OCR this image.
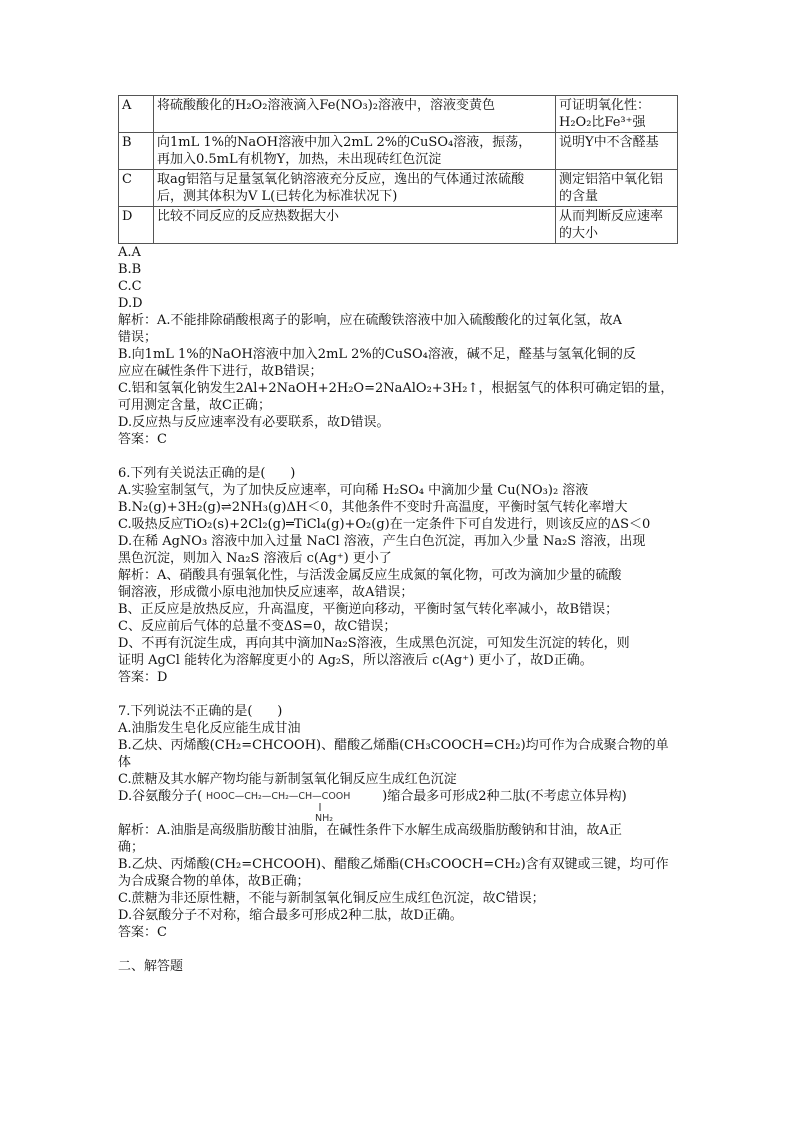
A	将硫酸酸化的H₂O₂溶液滴入Fe(NO₃)₂溶液中，溶液变黄色	可证明氧化性：
H₂O₂比Fe³⁺强

B	向1mL 1%的NaOH溶液中加入2mL 2%的CuSO₄溶液，振荡，
再加入0.5mL有机物Y，加热，未出现砖红色沉淀	说明Y中不含醛基

C	取ag铝箔与足量氢氧化钠溶液充分反应，逸出的气体通过浓硫酸
后，测其体积为V L(已转化为标准状况下)	测定铝箔中氧化铝
的含量

D	比较不同反应的反应热数据大小	从而判断反应速率
的大小
A.A
B.B
C.C
D.D
解析：A.不能排除硝酸根离子的影响，应在硫酸铁溶液中加入硫酸酸化的过氧化氢，故A
错误；
B.向1mL 1%的NaOH溶液中加入2mL 2%的CuSO₄溶液，碱不足，醛基与氢氧化铜的反
应应在碱性条件下进行，故B错误；
C.铝和氢氧化钠发生2Al+2NaOH+2H₂O=2NaAlO₂+3H₂↑，根据氢气的体积可确定铝的量，
可用测定含量，故C正确；
D.反应热与反应速率没有必要联系，故D错误。
答案：C
6.下列有关说法正确的是(      )
A.实验室制氢气，为了加快反应速率，可向稀 H₂SO₄ 中滴加少量 Cu(NO₃)₂ 溶液
B.N₂(g)+3H₂(g)⇌2NH₃(g)ΔH＜0，其他条件不变时升高温度，平衡时氢气转化率增大
C.吸热反应TiO₂(s)+2Cl₂(g)═TiCl₄(g)+O₂(g)在一定条件下可自发进行，则该反应的ΔS＜0
D.在稀 AgNO₃ 溶液中加入过量 NaCl 溶液，产生白色沉淀，再加入少量 Na₂S 溶液，出现
黑色沉淀，则加入 Na₂S 溶液后 c(Ag⁺) 更小了
解析：A、硝酸具有强氧化性，与活泼金属反应生成氮的氧化物，可改为滴加少量的硫酸
铜溶液，形成微小原电池加快反应速率，故A错误；
B、正反应是放热反应，升高温度，平衡逆向移动，平衡时氢气转化率减小，故B错误；
C、反应前后气体的总量不变ΔS=0，故C错误；
D、不再有沉淀生成，再向其中滴加Na₂S溶液，生成黑色沉淀，可知发生沉淀的转化，则
证明 AgCl 能转化为溶解度更小的 Ag₂S，所以溶液后 c(Ag⁺) 更小了，故D正确。
答案：D
7.下列说法不正确的是(      )
A.油脂发生皂化反应能生成甘油
B.乙炔、丙烯酸(CH₂=CHCOOH)、醋酸乙烯酯(CH₃COOCH=CH₂)均可作为合成聚合物的单
体
C.蔗糖及其水解产物均能与新制氢氧化铜反应生成红色沉淀
D.谷氨酸分子( HOOC—CH₂—CH₂—CH—COOH
NH₂
)缩合最多可形成2种二肽(不考虑立体异构)
解析：A.油脂是高级脂肪酸甘油脂，在碱性条件下水解生成高级脂肪酸钠和甘油，故A正
确；
B.乙炔、丙烯酸(CH₂=CHCOOH)、醋酸乙烯酯(CH₃COOCH=CH₂)含有双键或三键，均可作
为合成聚合物的单体，故B正确；
C.蔗糖为非还原性糖，不能与新制氢氧化铜反应生成红色沉淀，故C错误；
D.谷氨酸分子不对称，缩合最多可形成2种二肽，故D正确。
答案：C
二、解答题
